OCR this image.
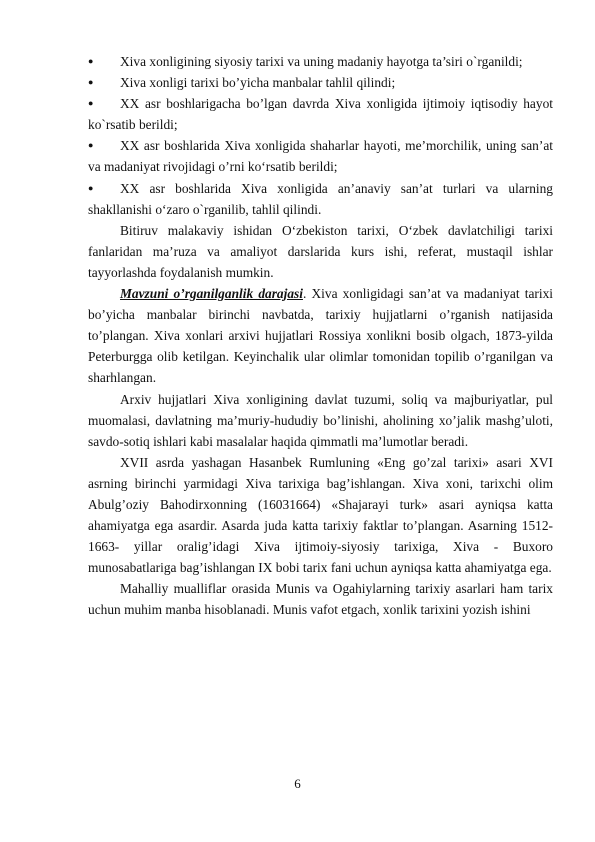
●	Xiva xonligining siyosiy tarixi va uning madaniy hayotga ta’siri o`rganildi;
●	Xiva xonligi tarixi bo’yicha manbalar tahlil qilindi;
●	XX asr boshlarigacha bo’lgan davrda Xiva xonligida ijtimoiy iqtisodiy hayot ko`rsatib berildi;
●	XX asr boshlarida Xiva xonligida shaharlar hayoti, me’morchilik, uning san’at va madaniyat rivojidagi o’rni ko‘rsatib berildi;
●	XX asr boshlarida Xiva xonligida an’anaviy san’at turlari va ularning shakllanishi o‘zaro o`rganilib, tahlil qilindi.

Bitiruv malakaviy ishidan O‘zbekiston tarixi, O‘zbek davlatchiligi tarixi fanlaridan ma’ruza va amaliyot darslarida kurs ishi, referat, mustaqil ishlar tayyorlashda foydalanish mumkin.

Mavzuni o’rganilganlik darajasi. Xiva xonligidagi san’at va madaniyat tarixi bo’yicha manbalar birinchi navbatda, tarixiy hujjatlarni o’rganish natijasida to’plangan. Xiva xonlari arxivi hujjatlari Rossiya xonlikni bosib olgach, 1873-yilda Peterburgga olib ketilgan. Keyinchalik ular olimlar tomonidan topilib o’rganilgan va sharhlangan.

Arxiv hujjatlari Xiva xonligining davlat tuzumi, soliq va majburiyatlar, pul muomalasi, davlatning ma’muriy-hududiy bo’linishi, aholining xo’jalik mashg’uloti, savdo-sotiq ishlari kabi masalalar haqida qimmatli ma’lumotlar beradi.

XVII asrda yashagan Hasanbek Rumluning «Eng go’zal tarixi» asari XVI asrning birinchi yarmidagi Xiva tarixiga bag’ishlangan. Xiva xoni, tarixchi olim Abulg’oziy Bahodirxonning (16031664) «Shajarayi turk» asari ayniqsa katta ahamiyatga ega asardir. Asarda juda katta tarixiy faktlar to’plangan. Asarning 1512- 1663- yillar oralig’idagi Xiva ijtimoiy-siyosiy tarixiga, Xiva - Buxoro munosabatlariga bag’ishlangan IX bobi tarix fani uchun ayniqsa katta ahamiyatga ega.

Mahalliy mualliflar orasida Munis va Ogahiylarning tarixiy asarlari ham tarix uchun muhim manba hisoblanadi. Munis vafot etgach, xonlik tarixini yozish ishini

6
